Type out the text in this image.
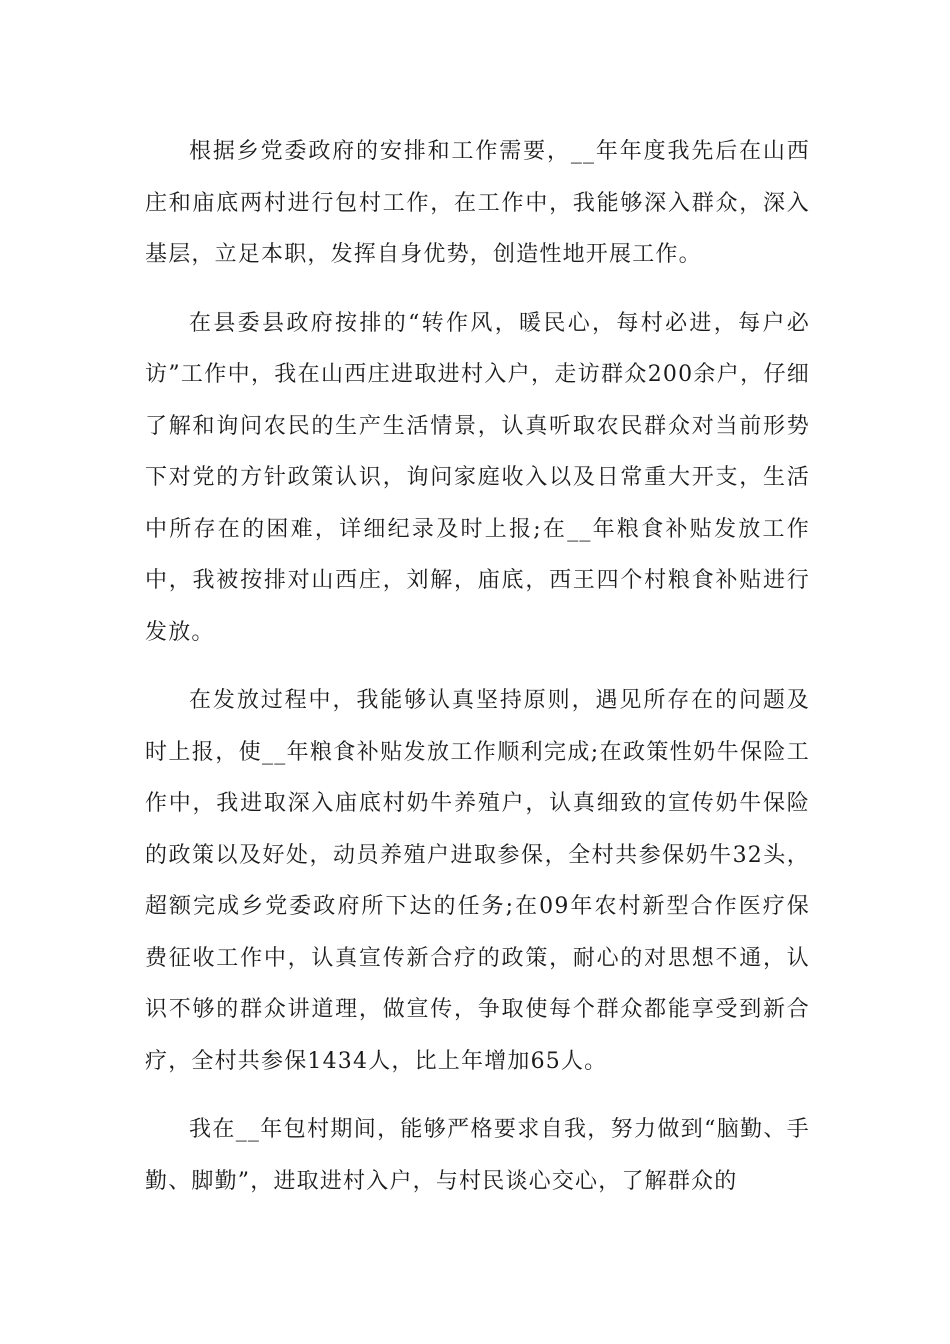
根据乡党委政府的安排和工作需要，__年年度我先后在山西庄和庙底两村进行包村工作，在工作中，我能够深入群众，深入基层，立足本职，发挥自身优势，创造性地开展工作。

在县委县政府按排的“转作风，暖民心，每村必进，每户必访”工作中，我在山西庄进取进村入户，走访群众200余户，仔细了解和询问农民的生产生活情景，认真听取农民群众对当前形势下对党的方针政策认识，询问家庭收入以及日常重大开支，生活中所存在的困难，详细纪录及时上报;在__年粮食补贴发放工作中，我被按排对山西庄，刘解，庙底，西王四个村粮食补贴进行发放。

在发放过程中，我能够认真坚持原则，遇见所存在的问题及时上报，使__年粮食补贴发放工作顺利完成;在政策性奶牛保险工作中，我进取深入庙底村奶牛养殖户，认真细致的宣传奶牛保险的政策以及好处，动员养殖户进取参保，全村共参保奶牛32头，超额完成乡党委政府所下达的任务;在09年农村新型合作医疗保费征收工作中，认真宣传新合疗的政策，耐心的对思想不通，认识不够的群众讲道理，做宣传，争取使每个群众都能享受到新合疗，全村共参保1434人，比上年增加65人。

我在__年包村期间，能够严格要求自我，努力做到“脑勤、手勤、脚勤”，进取进村入户，与村民谈心交心，了解群众的
